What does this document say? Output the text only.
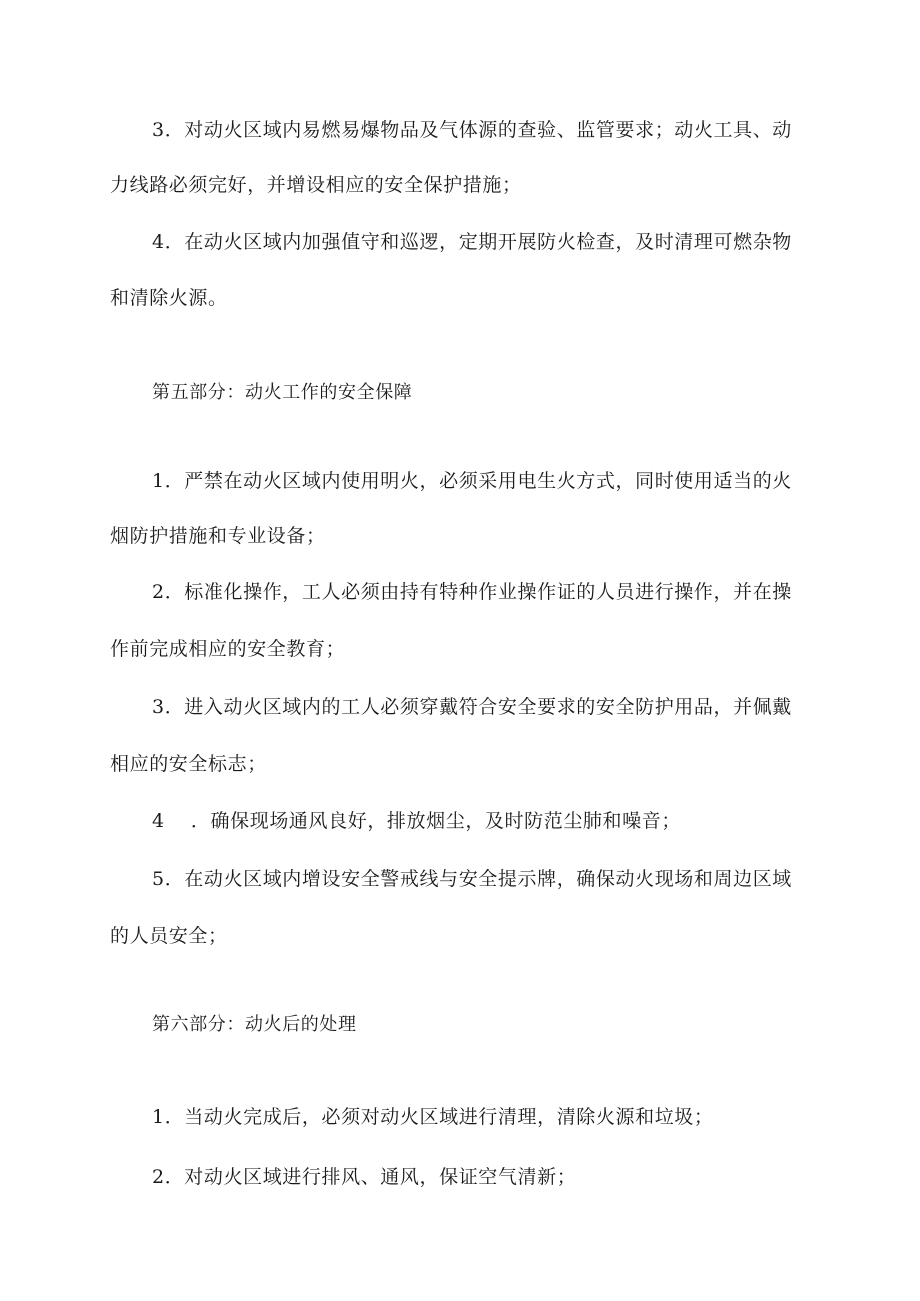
3．对动火区域内易燃易爆物品及气体源的查验、监管要求；动火工具、动
力线路必须完好，并增设相应的安全保护措施；
4．在动火区域内加强值守和巡逻，定期开展防火检查，及时清理可燃杂物
和清除火源。
第五部分：动火工作的安全保障
1．严禁在动火区域内使用明火，必须采用电生火方式，同时使用适当的火
烟防护措施和专业设备；
2．标准化操作，工人必须由持有特种作业操作证的人员进行操作，并在操
作前完成相应的安全教育；
3．进入动火区域内的工人必须穿戴符合安全要求的安全防护用品，并佩戴
相应的安全标志；
4　 ．确保现场通风良好，排放烟尘，及时防范尘肺和噪音；
5．在动火区域内增设安全警戒线与安全提示牌，确保动火现场和周边区域
的人员安全；
第六部分：动火后的处理
1．当动火完成后，必须对动火区域进行清理，清除火源和垃圾；
2．对动火区域进行排风、通风，保证空气清新；
